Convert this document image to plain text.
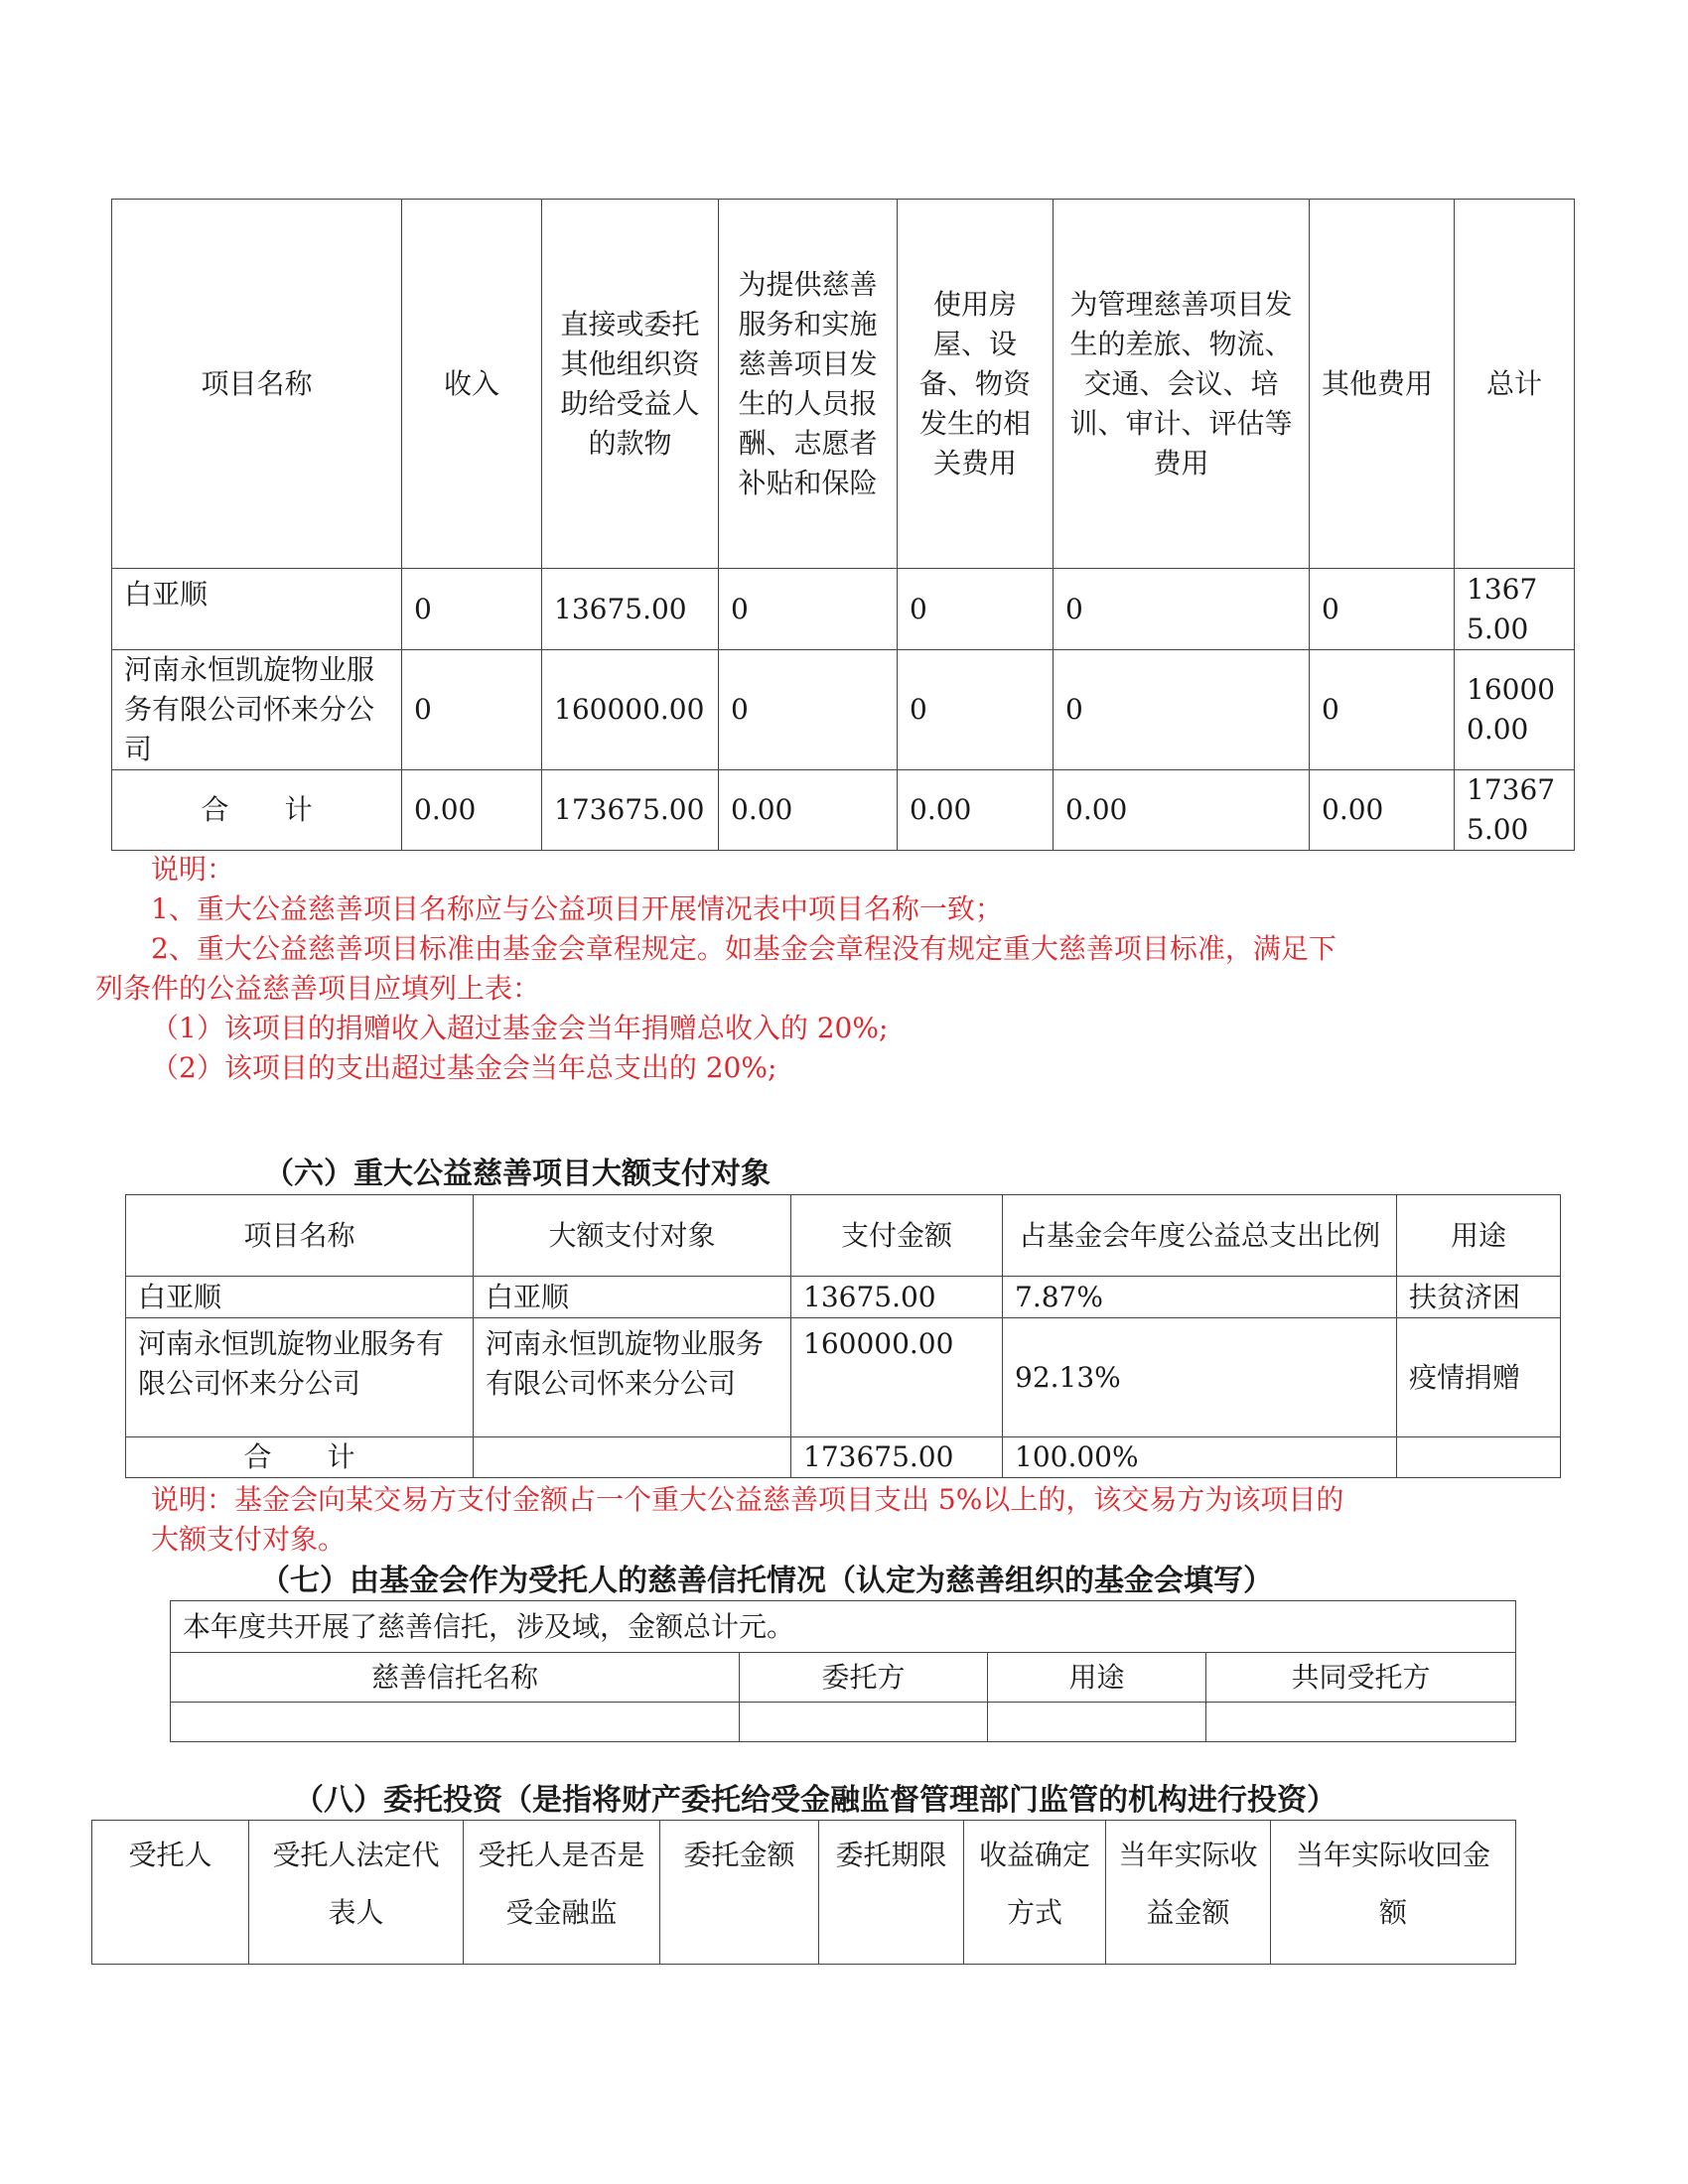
项目名称	收入	直接或委托其他组织资助给受益人的款物	为提供慈善服务和实施慈善项目发生的人员报酬、志愿者补贴和保险	使用房屋、设备、物资发生的相关费用	为管理慈善项目发生的差旅、物流、交通、会议、培训、审计、评估等费用	其他费用	总计
白亚顺	0	13675.00	0	0	0	0	13675.00
河南永恒凯旋物业服务有限公司怀来分公司	0	160000.00	0	0	0	0	160000.00
合　　计	0.00	173675.00	0.00	0.00	0.00	0.00	173675.00
说明：
1、重大公益慈善项目名称应与公益项目开展情况表中项目名称一致；
2、重大公益慈善项目标准由基金会章程规定。如基金会章程没有规定重大慈善项目标准，满足下
列条件的公益慈善项目应填列上表：
（1）该项目的捐赠收入超过基金会当年捐赠总收入的 20%;
（2）该项目的支出超过基金会当年总支出的 20%;
（六）重大公益慈善项目大额支付对象
项目名称	大额支付对象	支付金额	占基金会年度公益总支出比例	用途
白亚顺	白亚顺	13675.00	7.87%	扶贫济困
河南永恒凯旋物业服务有限公司怀来分公司	河南永恒凯旋物业服务有限公司怀来分公司	160000.00	92.13%	疫情捐赠
合　　计		173675.00	100.00%	
说明：基金会向某交易方支付金额占一个重大公益慈善项目支出 5%以上的，该交易方为该项目的
大额支付对象。
（七）由基金会作为受托人的慈善信托情况（认定为慈善组织的基金会填写）
本年度共开展了慈善信托，涉及域，金额总计元。			
慈善信托名称	委托方	用途	共同受托方

（八）委托投资（是指将财产委托给受金融监督管理部门监管的机构进行投资）
受托人	受托人法定代表人	受托人是否是受金融监	委托金额	委托期限	收益确定方式	当年实际收益金额	当年实际收回金额
